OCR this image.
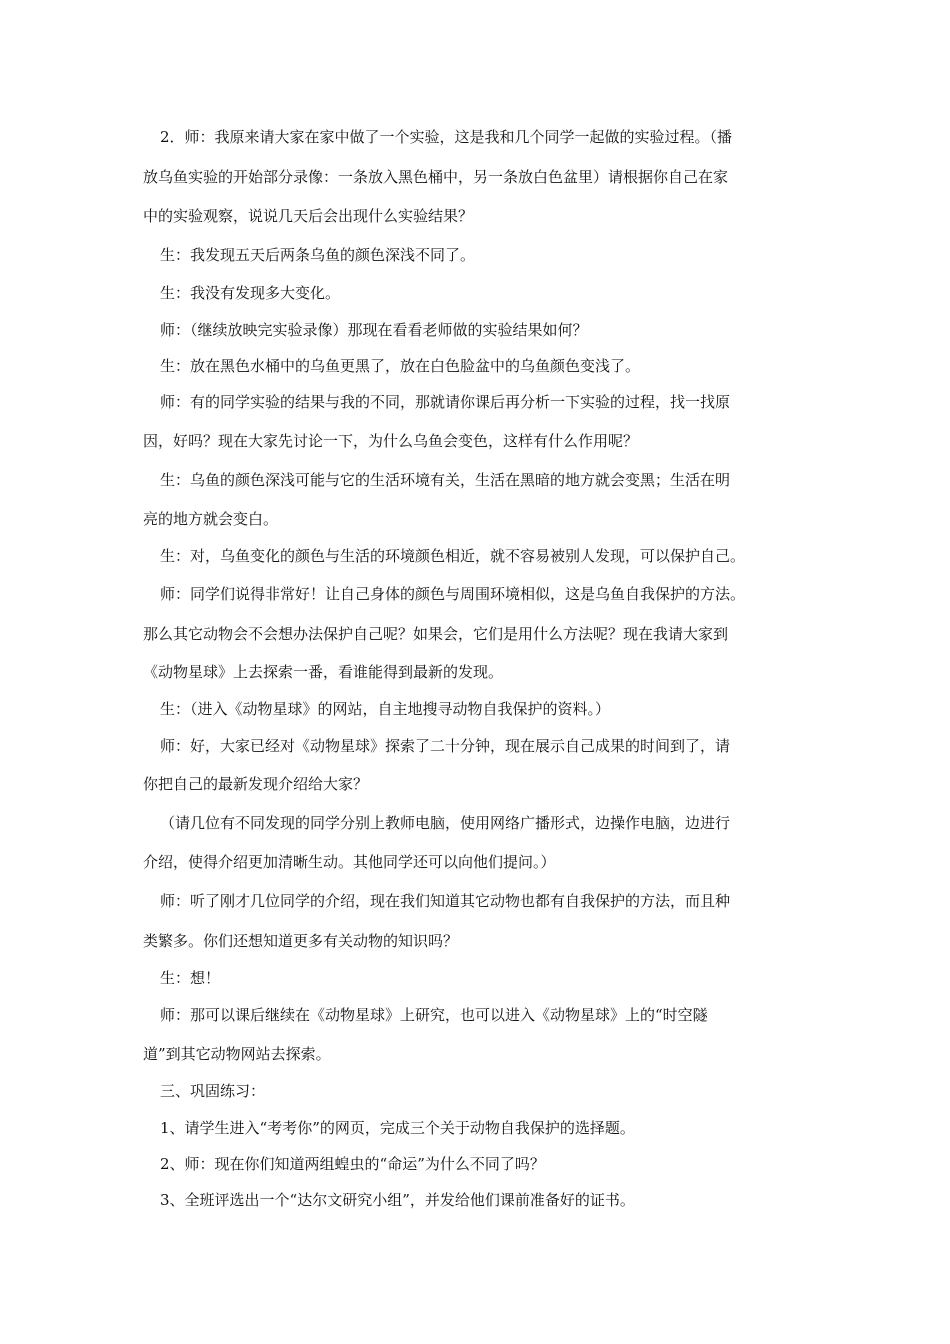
2．师：我原来请大家在家中做了一个实验，这是我和几个同学一起做的实验过程。（播
放乌鱼实验的开始部分录像：一条放入黑色桶中，另一条放白色盆里）请根据你自己在家
中的实验观察，说说几天后会出现什么实验结果？
生：我发现五天后两条乌鱼的颜色深浅不同了。
生：我没有发现多大变化。
师：（继续放映完实验录像）那现在看看老师做的实验结果如何？
生：放在黑色水桶中的乌鱼更黑了，放在白色脸盆中的乌鱼颜色变浅了。
师：有的同学实验的结果与我的不同，那就请你课后再分析一下实验的过程，找一找原
因，好吗？现在大家先讨论一下，为什么乌鱼会变色，这样有什么作用呢？
生：乌鱼的颜色深浅可能与它的生活环境有关，生活在黑暗的地方就会变黑；生活在明
亮的地方就会变白。
生：对，乌鱼变化的颜色与生活的环境颜色相近，就不容易被别人发现，可以保护自己。
师：同学们说得非常好！让自己身体的颜色与周围环境相似，这是乌鱼自我保护的方法。
那么其它动物会不会想办法保护自己呢？如果会，它们是用什么方法呢？现在我请大家到
《动物星球》上去探索一番，看谁能得到最新的发现。
生：（进入《动物星球》的网站，自主地搜寻动物自我保护的资料。）
师：好，大家已经对《动物星球》探索了二十分钟，现在展示自己成果的时间到了，请
你把自己的最新发现介绍给大家？
（请几位有不同发现的同学分别上教师电脑，使用网络广播形式，边操作电脑，边进行
介绍，使得介绍更加清晰生动。其他同学还可以向他们提问。）
师：听了刚才几位同学的介绍，现在我们知道其它动物也都有自我保护的方法，而且种
类繁多。你们还想知道更多有关动物的知识吗？
生：想！
师：那可以课后继续在《动物星球》上研究，也可以进入《动物星球》上的“时空隧
道”到其它动物网站去探索。
三、巩固练习：
1、请学生进入“考考你”的网页，完成三个关于动物自我保护的选择题。
2、师：现在你们知道两组蝗虫的“命运”为什么不同了吗？
3、全班评选出一个“达尔文研究小组”，并发给他们课前准备好的证书。
